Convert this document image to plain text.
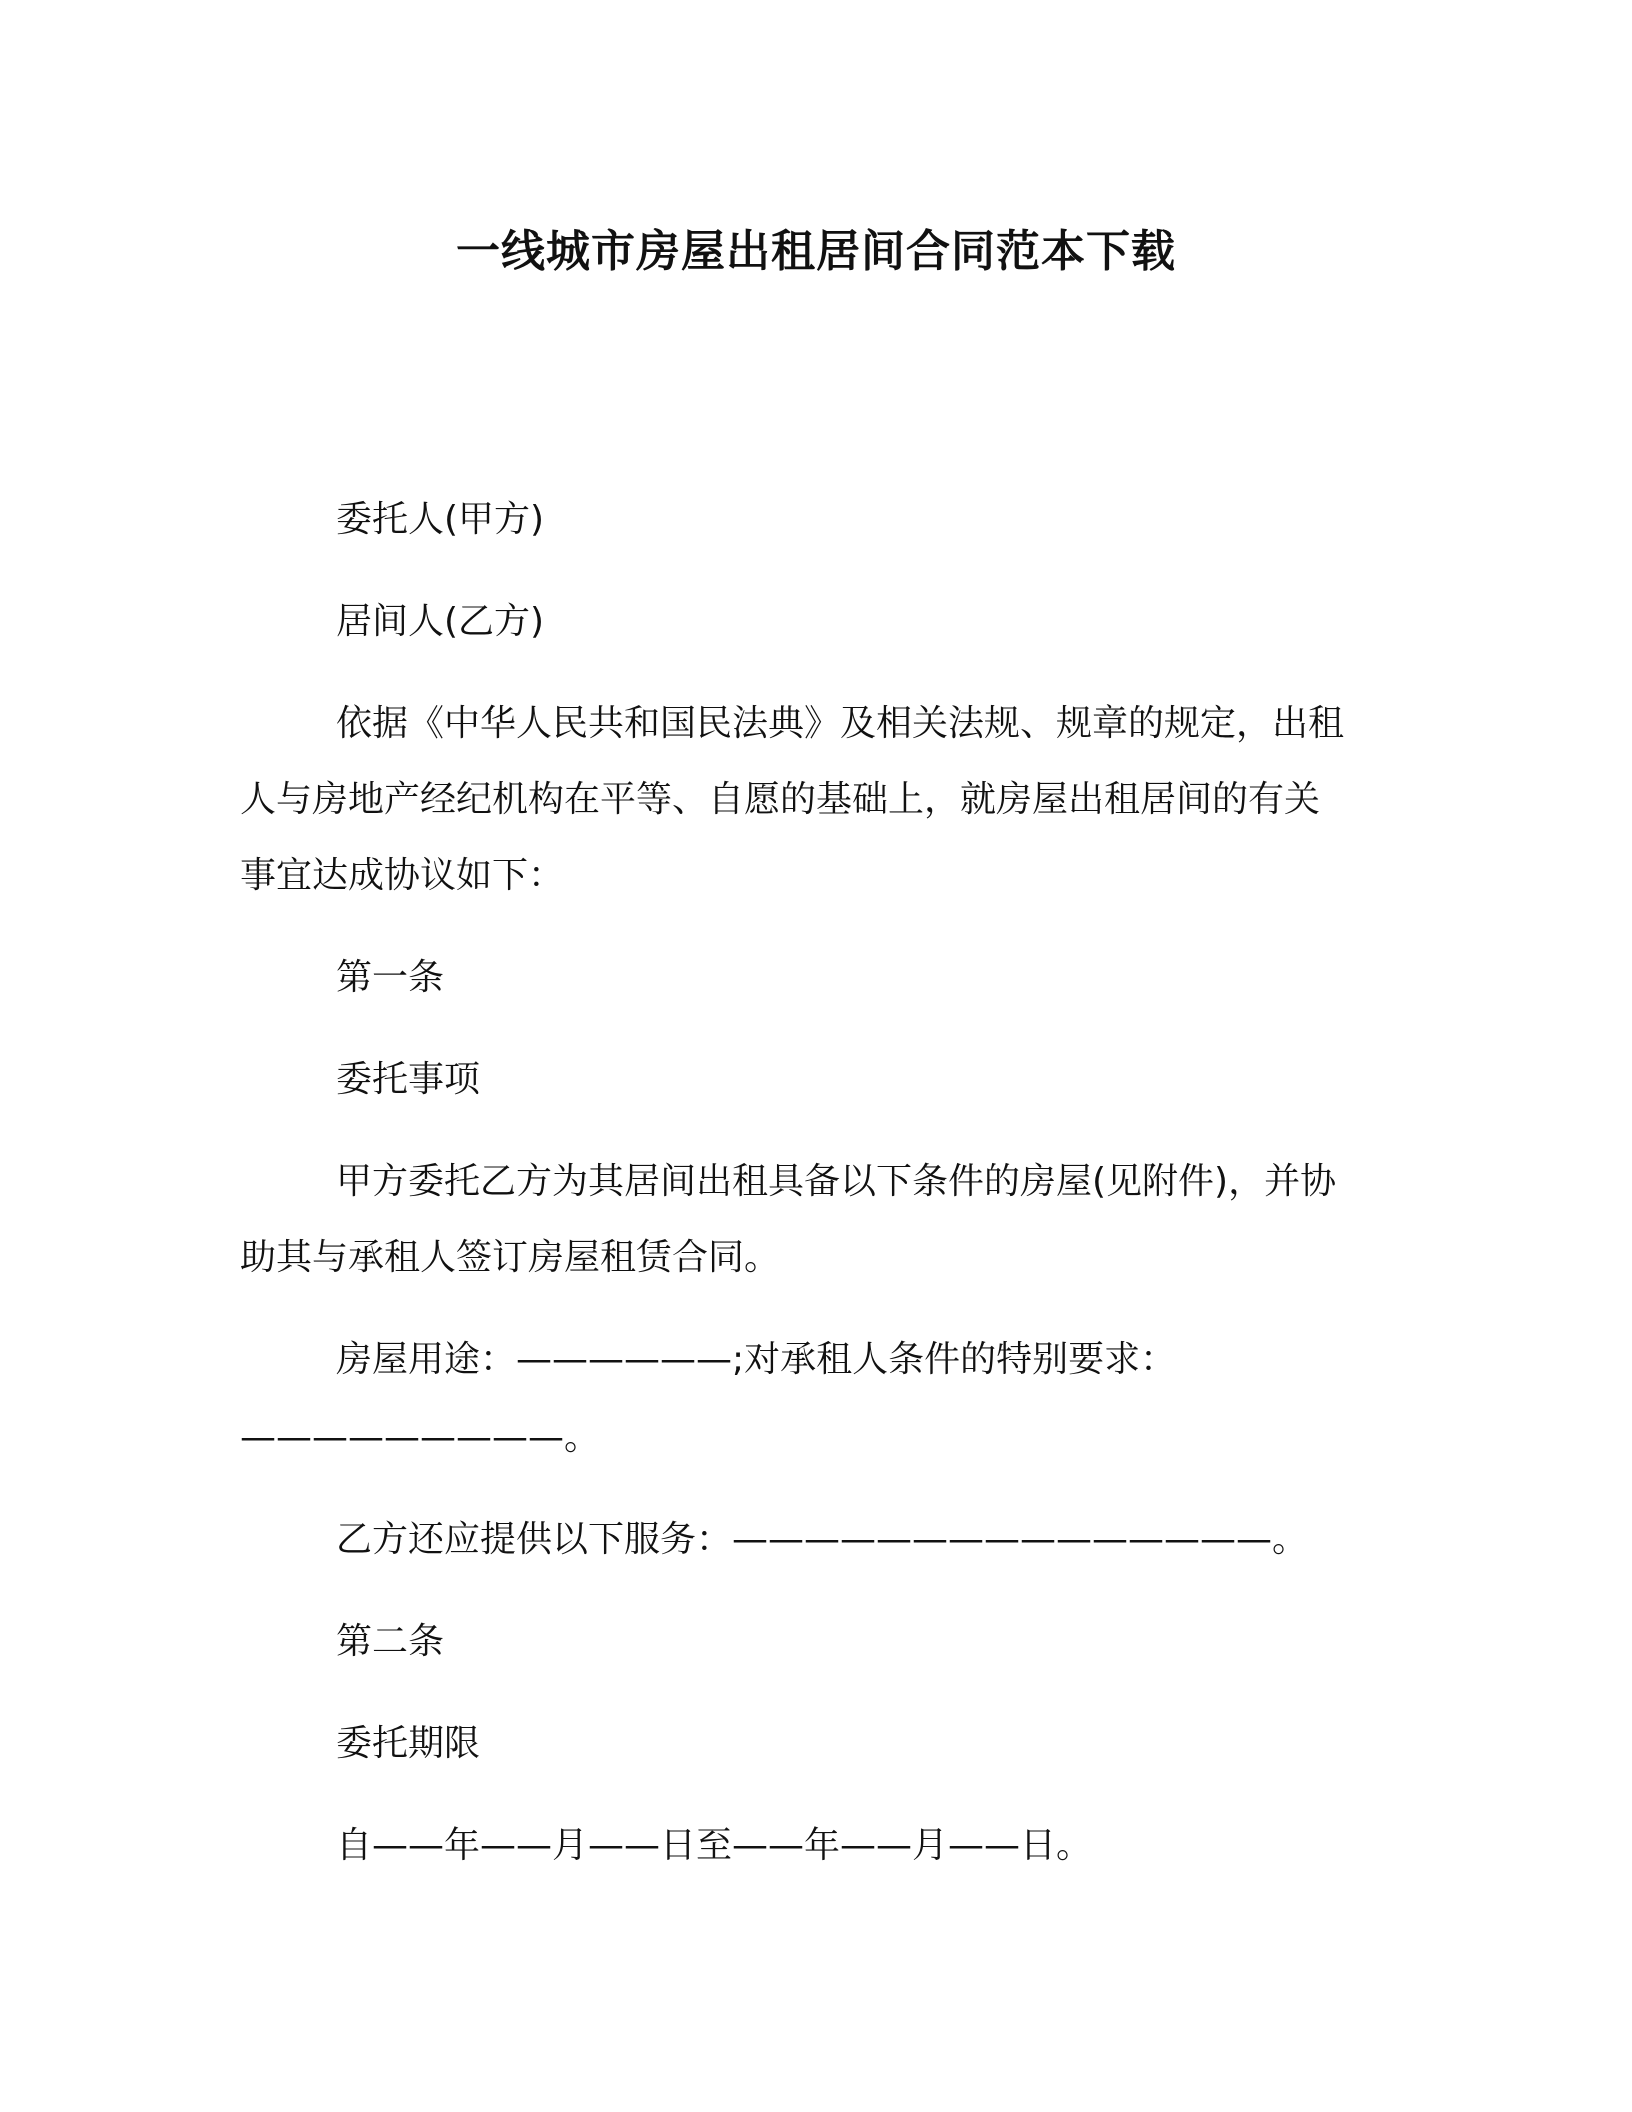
一线城市房屋出租居间合同范本下载
委托人(甲方)
居间人(乙方)
依据《中华人民共和国民法典》及相关法规、规章的规定，出租
人与房地产经纪机构在平等、自愿的基础上，就房屋出租居间的有关
事宜达成协议如下：
第一条
委托事项
甲方委托乙方为其居间出租具备以下条件的房屋(见附件)，并协
助其与承租人签订房屋租赁合同。
房屋用途：——————;对承租人条件的特别要求：
—————————。
乙方还应提供以下服务：———————————————。
第二条
委托期限
自——年——月——日至——年——月——日。
